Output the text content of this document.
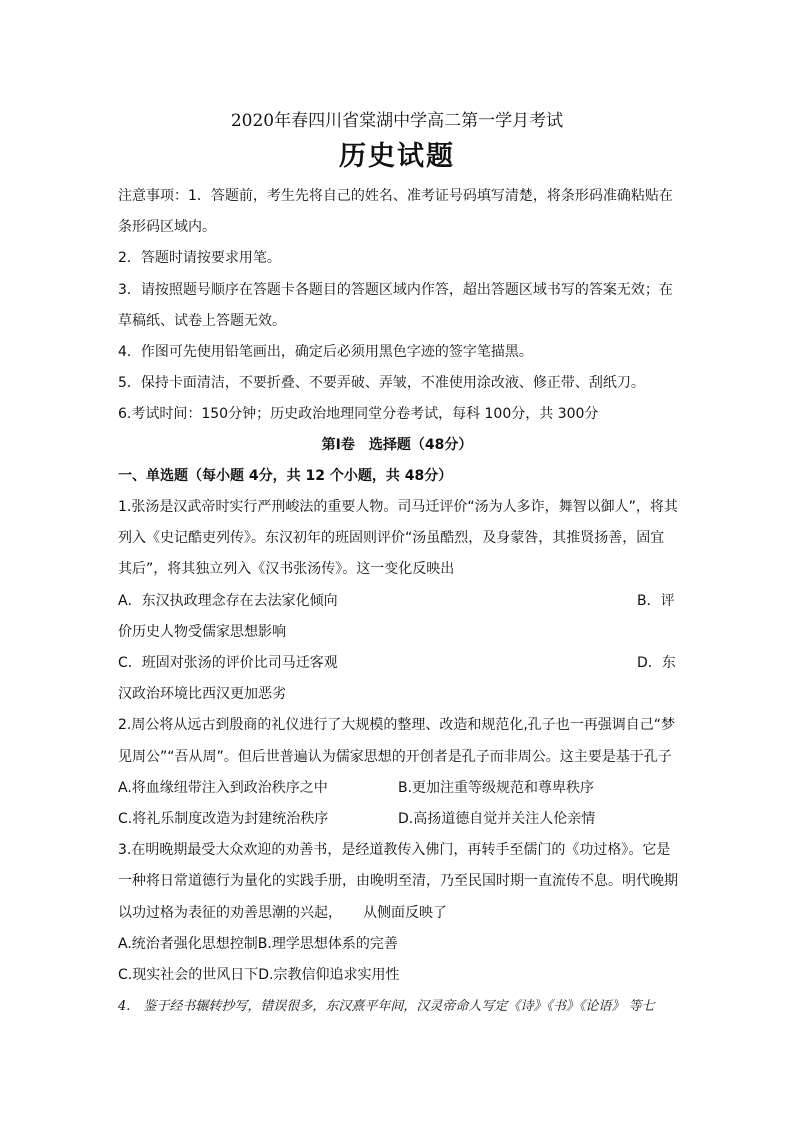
2020年春四川省棠湖中学高二第一学月考试
历史试题
注意事项：1．答题前，考生先将自己的姓名、准考证号码填写清楚，将条形码准确粘贴在
条形码区域内。
2．答题时请按要求用笔。
3．请按照题号顺序在答题卡各题目的答题区域内作答，超出答题区域书写的答案无效；在
草稿纸、试卷上答题无效。
4．作图可先使用铅笔画出，确定后必须用黑色字迹的签字笔描黑。
5．保持卡面清洁，不要折叠、不要弄破、弄皱，不准使用涂改液、修正带、刮纸刀。
6.考试时间：150分钟；历史政治地理同堂分卷考试，每科 100分，共 300分
第Ⅰ卷　选择题（48分）
一、单选题（每小题 4分，共 12 个小题，共 48分）
1.张汤是汉武帝时实行严刑峻法的重要人物。司马迁评价“汤为人多诈，舞智以御人”，将其
列入《史记酷吏列传》。东汉初年的班固则评价“汤虽酷烈，及身蒙咎，其推贤扬善，固宜
其后”，将其独立列入《汉书张汤传》。这一变化反映出
A．东汉执政理念存在去法家化倾向	B．评
价历史人物受儒家思想影响
C．班固对张汤的评价比司马迁客观	D．东
汉政治环境比西汉更加恶劣
2.周公将从远古到殷商的礼仪进行了大规模的整理、改造和规范化,孔子也一再强调自己“梦
见周公”“吾从周”。但后世普遍认为儒家思想的开创者是孔子而非周公。这主要是基于孔子
A.将血缘纽带注入到政治秩序之中	B.更加注重等级规范和尊卑秩序
C.将礼乐制度改造为封建统治秩序	D.高扬道德自觉并关注人伦亲情
3.在明晚期最受大众欢迎的劝善书，是经道教传入佛门，再转手至儒门的《功过格》。它是
一种将日常道德行为量化的实践手册，由晚明至清，乃至民国时期一直流传不息。明代晚期
以功过格为表征的劝善思潮的兴起，　　从侧面反映了
A.统治者强化思想控制B.理学思想体系的完善
C.现实社会的世风日下D.宗教信仰追求实用性
4.　鉴于经书辗转抄写，错误很多，东汉熹平年间，汉灵帝命人写定《诗》《书》《论语》 等七
